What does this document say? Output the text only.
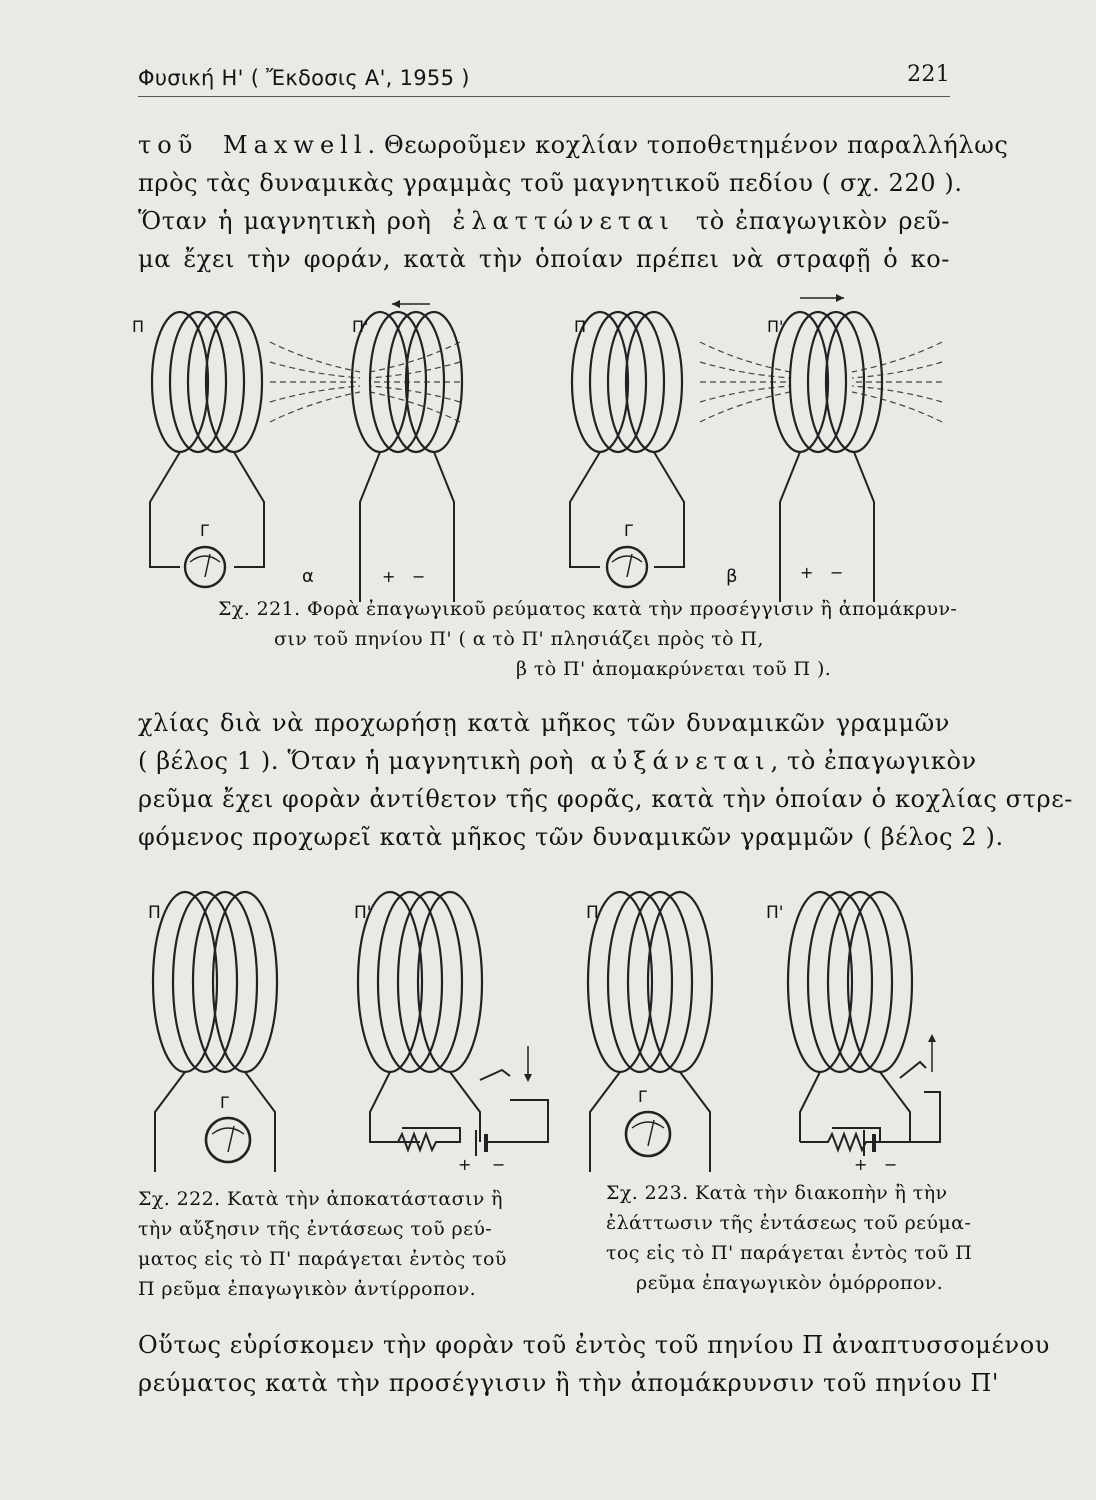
Φυσική Η' ( Ἔκδοσις Α', 1955 )	221
τοῦ Maxwell. Θεωροῦμεν κοχλίαν τοποθετημένον παραλλήλως
πρὸς τὰς δυναμικὰς γραμμὰς τοῦ μαγνητικοῦ πεδίου ( σχ. 220 ).
Ὅταν ἡ μαγνητικὴ ροὴ ἐλαττώνεται τὸ ἐπαγωγικὸν ρεῦ-
μα ἔχει τὴν φοράν, κατὰ τὴν ὁποίαν πρέπει νὰ στραφῇ ὁ κο-
Π
Γ
α
Π'
+ −
Π
Γ
β
Π'
+ −
Σχ. 221. Φορὰ ἐπαγωγικοῦ ρεύματος κατὰ τὴν προσέγγισιν ἢ ἀπομάκρυν-
σιν τοῦ πηνίου Π' ( α τὸ Π' πλησιάζει πρὸς τὸ Π,
β τὸ Π' ἀπομακρύνεται τοῦ Π ).
χλίας διὰ νὰ προχωρήσῃ κατὰ μῆκος τῶν δυναμικῶν γραμμῶν
( βέλος 1 ). Ὅταν ἡ μαγνητικὴ ροὴ αὐξάνεται, τὸ ἐπαγωγικὸν
ρεῦμα ἔχει φορὰν ἀντίθετον τῆς φορᾶς, κατὰ τὴν ὁποίαν ὁ κοχλίας στρε-
φόμενος προχωρεῖ κατὰ μῆκος τῶν δυναμικῶν γραμμῶν ( βέλος 2 ).
Π
Γ
Π'
+ −
Π
Γ
Π'
+ −
Σχ. 222. Κατὰ τὴν ἀποκατάστασιν ἢ
τὴν αὔξησιν τῆς ἐντάσεως τοῦ ρεύ-
ματος εἰς τὸ Π' παράγεται ἐντὸς τοῦ
Π ρεῦμα ἐπαγωγικὸν ἀντίρροπον.
Σχ. 223. Κατὰ τὴν διακοπὴν ἢ τὴν
ἐλάττωσιν τῆς ἐντάσεως τοῦ ρεύμα-
τος εἰς τὸ Π' παράγεται ἐντὸς τοῦ Π
ρεῦμα ἐπαγωγικὸν ὁμόρροπον.
Οὕτως εὑρίσκομεν τὴν φορὰν τοῦ ἐντὸς τοῦ πηνίου Π ἀναπτυσσομένου
ρεύματος κατὰ τὴν προσέγγισιν ἢ τὴν ἀπομάκρυνσιν τοῦ πηνίου Π'
